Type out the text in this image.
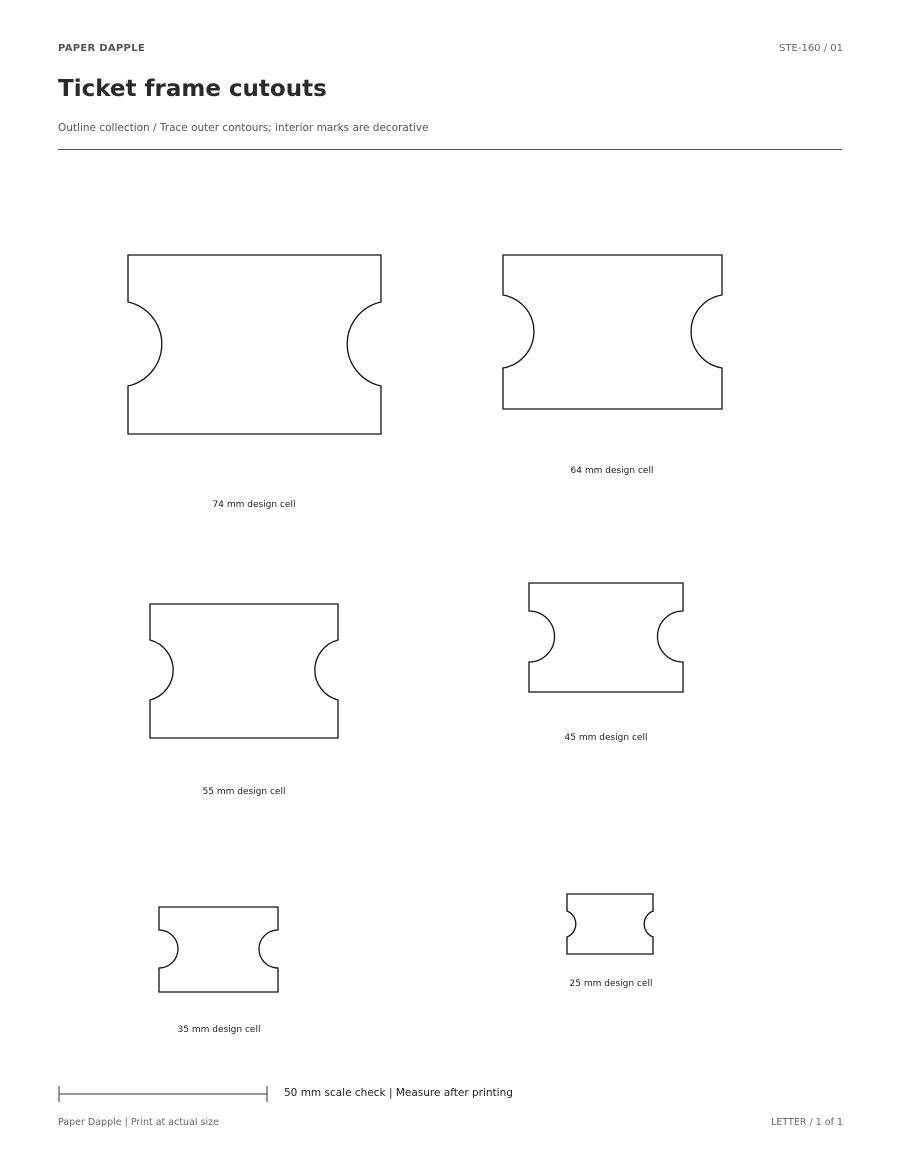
PAPER DAPPLE	STE-160 / 01
Ticket frame cutouts
Outline collection / Trace outer contours; interior marks are decorative
74 mm design cell
64 mm design cell
55 mm design cell
45 mm design cell
35 mm design cell
25 mm design cell
50 mm scale check | Measure after printing
Paper Dapple | Print at actual size	LETTER / 1 of 1
